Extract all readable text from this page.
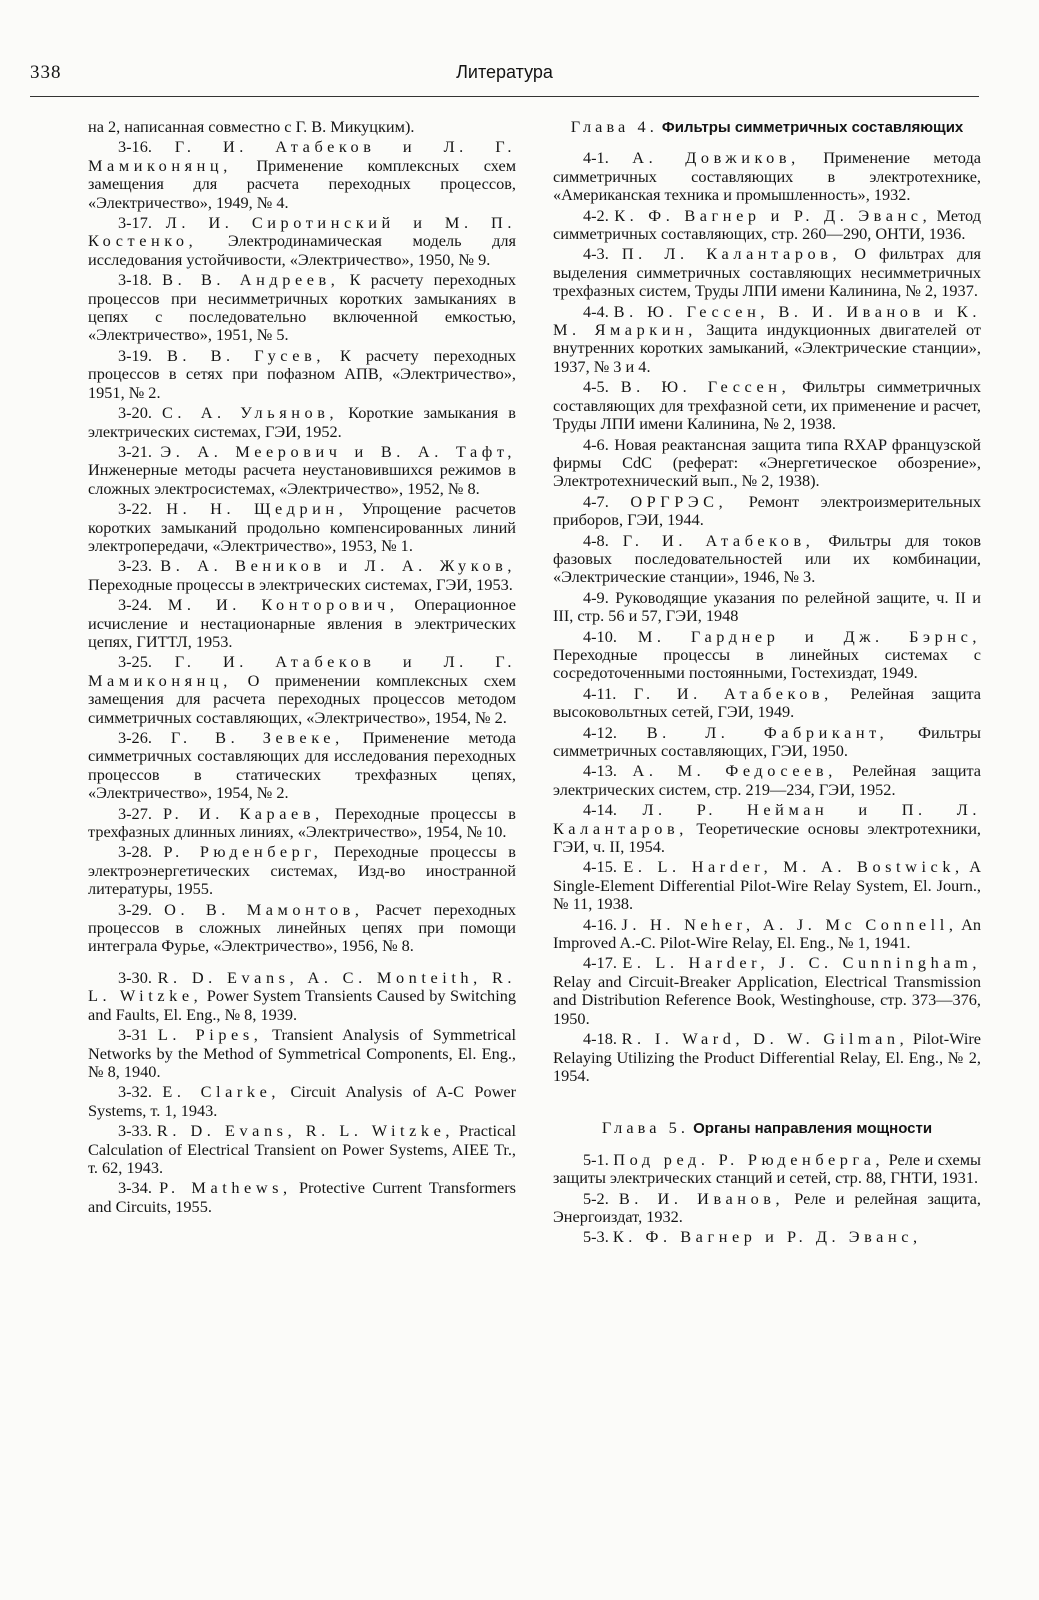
338	Литература

на 2, написанная совместно с Г. В. Микуцким).

3-16. Г. И. Атабеков и Л. Г. Мамиконянц, Применение комплексных схем замещения для расчета переходных процессов, «Электричество», 1949, № 4.

3-17. Л. И. Сиротинский и М. П. Костенко, Электродинамическая модель для исследования устойчивости, «Электричество», 1950, № 9.

3-18. В. В. Андреев, К расчету переходных процессов при несимметричных коротких замыканиях в цепях с последовательно включенной емкостью, «Электричество», 1951, № 5.

3-19. В. В. Гусев, К расчету переходных процессов в сетях при пофазном АПВ, «Электричество», 1951, № 2.

3-20. С. А. Ульянов, Короткие замыкания в электрических системах, ГЭИ, 1952.

3-21. Э. А. Меерович и В. А. Тафт, Инженерные методы расчета неустановившихся режимов в сложных электросистемах, «Электричество», 1952, № 8.

3-22. Н. Н. Щедрин, Упрощение расчетов коротких замыканий продольно компенсированных линий электропередачи, «Электричество», 1953, № 1.

3-23. В. А. Веников и Л. А. Жуков, Переходные процессы в электрических системах, ГЭИ, 1953.

3-24. М. И. Конторович, Операционное исчисление и нестационарные явления в электрических цепях, ГИТТЛ, 1953.

3-25. Г. И. Атабеков и Л. Г. Мамиконянц, О применении комплексных схем замещения для расчета переходных процессов методом симметричных составляющих, «Электричество», 1954, № 2.

3-26. Г. В. Зевеке, Применение метода симметричных составляющих для исследования переходных процессов в статических трехфазных цепях, «Электричество», 1954, № 2.

3-27. Р. И. Караев, Переходные процессы в трехфазных длинных линиях, «Электричество», 1954, № 10.

3-28. Р. Рюденберг, Переходные процессы в электроэнергетических системах, Изд-во иностранной литературы, 1955.

3-29. О. В. Мамонтов, Расчет переходных процессов в сложных линейных цепях при помощи интеграла Фурье, «Электричество», 1956, № 8.

3-30. R. D. Evans, A. C. Monteith, R. L. Witzke, Power System Transients Caused by Switching and Faults, El. Eng., № 8, 1939.

3-31 L. Pipes, Transient Analysis of Symmetrical Networks by the Method of Symmetrical Components, El. Eng., № 8, 1940.

3-32. E. Clarke, Circuit Analysis of A-C Power Systems, т. 1, 1943.

3-33. R. D. Evans, R. L. Witzke, Practical Calculation of Electrical Transient on Power Systems, AIEE Tr., т. 62, 1943.

3-34. P. Mathews, Protective Current Transformers and Circuits, 1955.

Глава 4. Фильтры симметричных составляющих

4-1. А. Довжиков, Применение метода симметричных составляющих в электротехнике, «Американская техника и промышленность», 1932.

4-2. К. Ф. Вагнер и Р. Д. Эванс, Метод симметричных составляющих, стр. 260—290, ОНТИ, 1936.

4-3. П. Л. Калантаров, О фильтрах для выделения симметричных составляющих несимметричных трехфазных систем, Труды ЛПИ имени Калинина, № 2, 1937.

4-4. В. Ю. Гессен, В. И. Иванов и К. М. Ямаркин, Защита индукционных двигателей от внутренних коротких замыканий, «Электрические станции», 1937, № 3 и 4.

4-5. В. Ю. Гессен, Фильтры симметричных составляющих для трехфазной сети, их применение и расчет, Труды ЛПИ имени Калинина, № 2, 1938.

4-6. Новая реактансная защита типа RXAP французской фирмы CdC (реферат: «Энергетическое обозрение», Электротехнический вып., № 2, 1938).

4-7. ОРГРЭС, Ремонт электроизмерительных приборов, ГЭИ, 1944.

4-8. Г. И. Атабеков, Фильтры для токов фазовых последовательностей или их комбинации, «Электрические станции», 1946, № 3.

4-9. Руководящие указания по релейной защите, ч. II и III, стр. 56 и 57, ГЭИ, 1948

4-10. М. Гарднер и Дж. Бэрнс, Переходные процессы в линейных системах с сосредоточенными постоянными, Гостехиздат, 1949.

4-11. Г. И. Атабеков, Релейная защита высоковольтных сетей, ГЭИ, 1949.

4-12. В. Л. Фабрикант, Фильтры симметричных составляющих, ГЭИ, 1950.

4-13. А. М. Федосеев, Релейная защита электрических систем, стр. 219—234, ГЭИ, 1952.

4-14. Л. Р. Нейман и П. Л. Калантаров, Теоретические основы электротехники, ГЭИ, ч. II, 1954.

4-15. E. L. Harder, M. A. Bostwick, A Single-Element Differential Pilot-Wire Relay System, El. Journ., № 11, 1938.

4-16. J. H. Neher, A. J. Mc Connell, An Improved A.-C. Pilot-Wire Relay, El. Eng., № 1, 1941.

4-17. E. L. Harder, J. C. Cunningham, Relay and Circuit-Breaker Application, Electrical Transmission and Distribution Reference Book, Westinghouse, стр. 373—376, 1950.

4-18. R. I. Ward, D. W. Gilman, Pilot-Wire Relaying Utilizing the Product Differential Relay, El. Eng., № 2, 1954.

Глава 5. Органы направления мощности

5-1. Под ред. Р. Рюденберга, Реле и схемы защиты электрических станций и сетей, стр. 88, ГНТИ, 1931.

5-2. В. И. Иванов, Реле и релейная защита, Энергоиздат, 1932.

5-3. К. Ф. Вагнер и Р. Д. Эванс,
